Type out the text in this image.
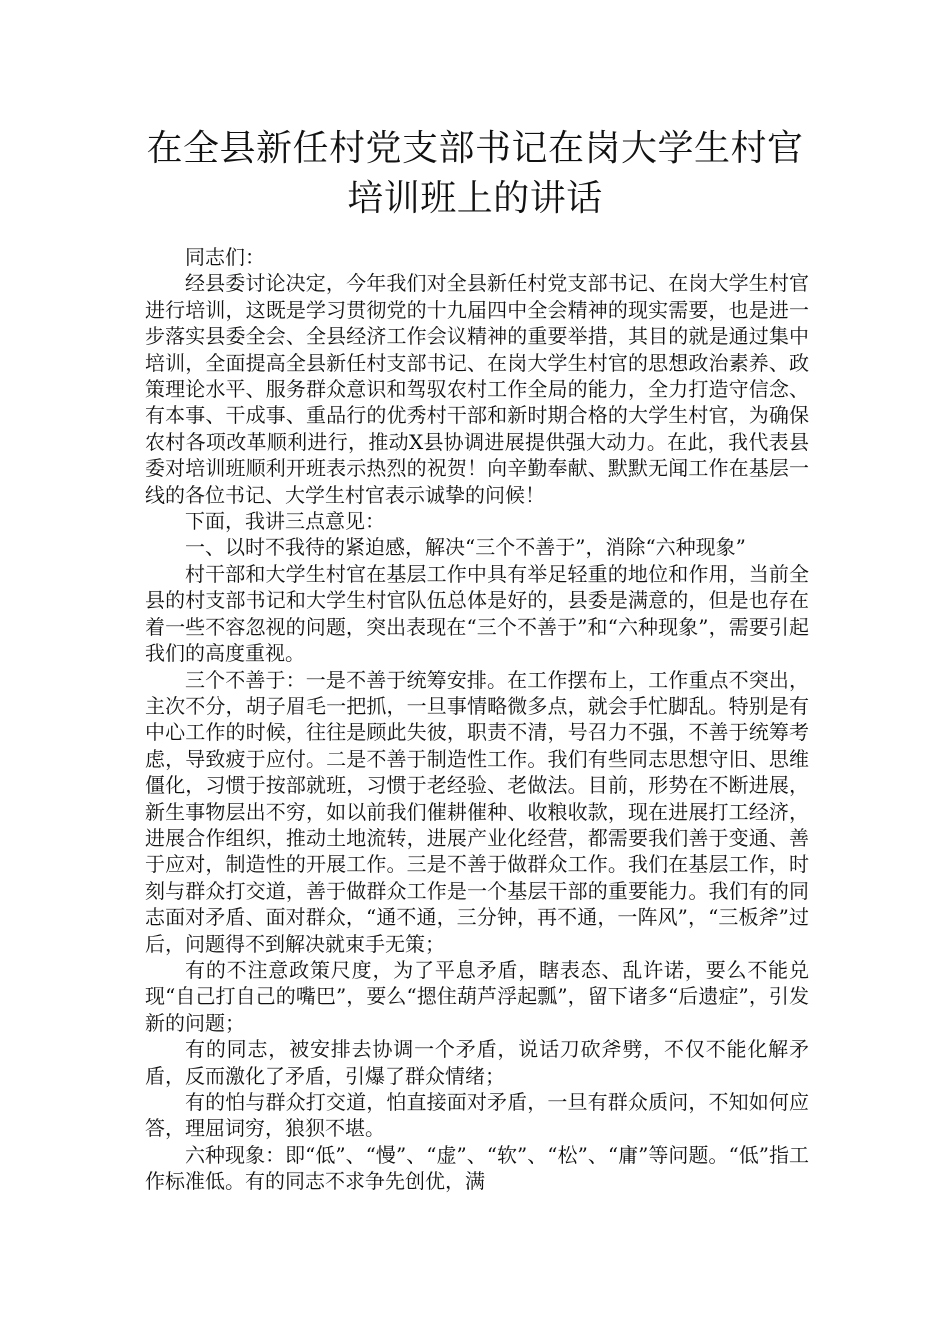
在全县新任村党支部书记在岗大学生村官
培训班上的讲话

同志们：

经县委讨论决定，今年我们对全县新任村党支部书记、在岗大学生村官进行培训，这既是学习贯彻党的十九届四中全会精神的现实需要，也是进一步落实县委全会、全县经济工作会议精神的重要举措，其目的就是通过集中培训，全面提高全县新任村支部书记、在岗大学生村官的思想政治素养、政策理论水平、服务群众意识和驾驭农村工作全局的能力，全力打造守信念、有本事、干成事、重品行的优秀村干部和新时期合格的大学生村官，为确保农村各项改革顺利进行，推动X县协调进展提供强大动力。在此，我代表县委对培训班顺利开班表示热烈的祝贺！向辛勤奉献、默默无闻工作在基层一线的各位书记、大学生村官表示诚挚的问候！

下面，我讲三点意见：

一、以时不我待的紧迫感，解决“三个不善于”，消除“六种现象”

村干部和大学生村官在基层工作中具有举足轻重的地位和作用，当前全县的村支部书记和大学生村官队伍总体是好的，县委是满意的，但是也存在着一些不容忽视的问题，突出表现在“三个不善于”和“六种现象”，需要引起我们的高度重视。

三个不善于：一是不善于统筹安排。在工作摆布上，工作重点不突出，主次不分，胡子眉毛一把抓，一旦事情略微多点，就会手忙脚乱。特别是有中心工作的时候，往往是顾此失彼，职责不清，号召力不强，不善于统筹考虑，导致疲于应付。二是不善于制造性工作。我们有些同志思想守旧、思维僵化，习惯于按部就班，习惯于老经验、老做法。目前，形势在不断进展，新生事物层出不穷，如以前我们催耕催种、收粮收款，现在进展打工经济，进展合作组织，推动土地流转，进展产业化经营，都需要我们善于变通、善于应对，制造性的开展工作。三是不善于做群众工作。我们在基层工作，时刻与群众打交道，善于做群众工作是一个基层干部的重要能力。我们有的同志面对矛盾、面对群众，“通不通，三分钟，再不通，一阵风”，“三板斧”过后，问题得不到解决就束手无策；

有的不注意政策尺度，为了平息矛盾，瞎表态、乱许诺，要么不能兑现“自己打自己的嘴巴”，要么“摁住葫芦浮起瓢”，留下诸多“后遗症”，引发新的问题；

有的同志，被安排去协调一个矛盾，说话刀砍斧劈，不仅不能化解矛盾，反而激化了矛盾，引爆了群众情绪；

有的怕与群众打交道，怕直接面对矛盾，一旦有群众质问，不知如何应答，理屈词穷，狼狈不堪。

六种现象：即“低”、“慢”、“虚”、“软”、“松”、“庸”等问题。“低”指工作标准低。有的同志不求争先创优，满
